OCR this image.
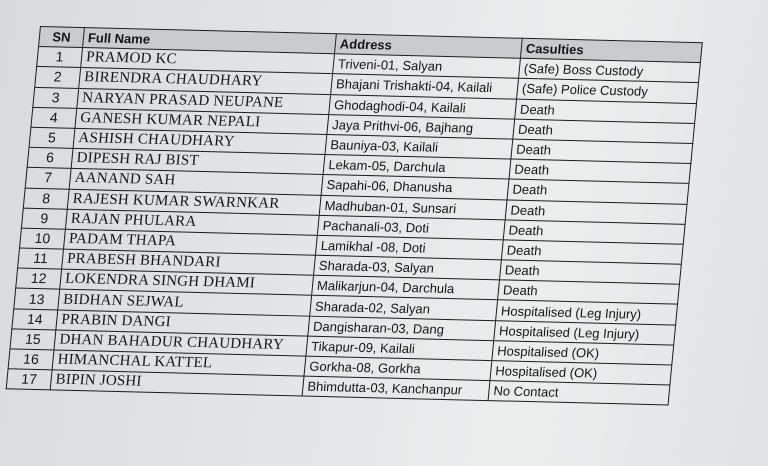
SN	Full Name	Address	Casulties
1	PRAMOD KC	Triveni-01, Salyan	(Safe) Boss Custody
2	BIRENDRA CHAUDHARY	Bhajani Trishakti-04, Kailali	(Safe) Police Custody
3	NARYAN PRASAD NEUPANE	Ghodaghodi-04, Kailali	Death
4	GANESH KUMAR NEPALI	Jaya Prithvi-06, Bajhang	Death
5	ASHISH CHAUDHARY	Bauniya-03, Kailali	Death
6	DIPESH RAJ BIST	Lekam-05, Darchula	Death
7	AANAND SAH	Sapahi-06, Dhanusha	Death
8	RAJESH KUMAR SWARNKAR	Madhuban-01, Sunsari	Death
9	RAJAN PHULARA	Pachanali-03, Doti	Death
10	PADAM THAPA	Lamikhal -08, Doti	Death
11	PRABESH BHANDARI	Sharada-03, Salyan	Death
12	LOKENDRA SINGH DHAMI	Malikarjun-04, Darchula	Death
13	BIDHAN SEJWAL	Sharada-02, Salyan	Hospitalised (Leg Injury)
14	PRABIN DANGI	Dangisharan-03, Dang	Hospitalised (Leg Injury)
15	DHAN BAHADUR CHAUDHARY	Tikapur-09, Kailali	Hospitalised (OK)
16	HIMANCHAL KATTEL	Gorkha-08, Gorkha	Hospitalised (OK)
17	BIPIN JOSHI	Bhimdutta-03, Kanchanpur	No Contact
